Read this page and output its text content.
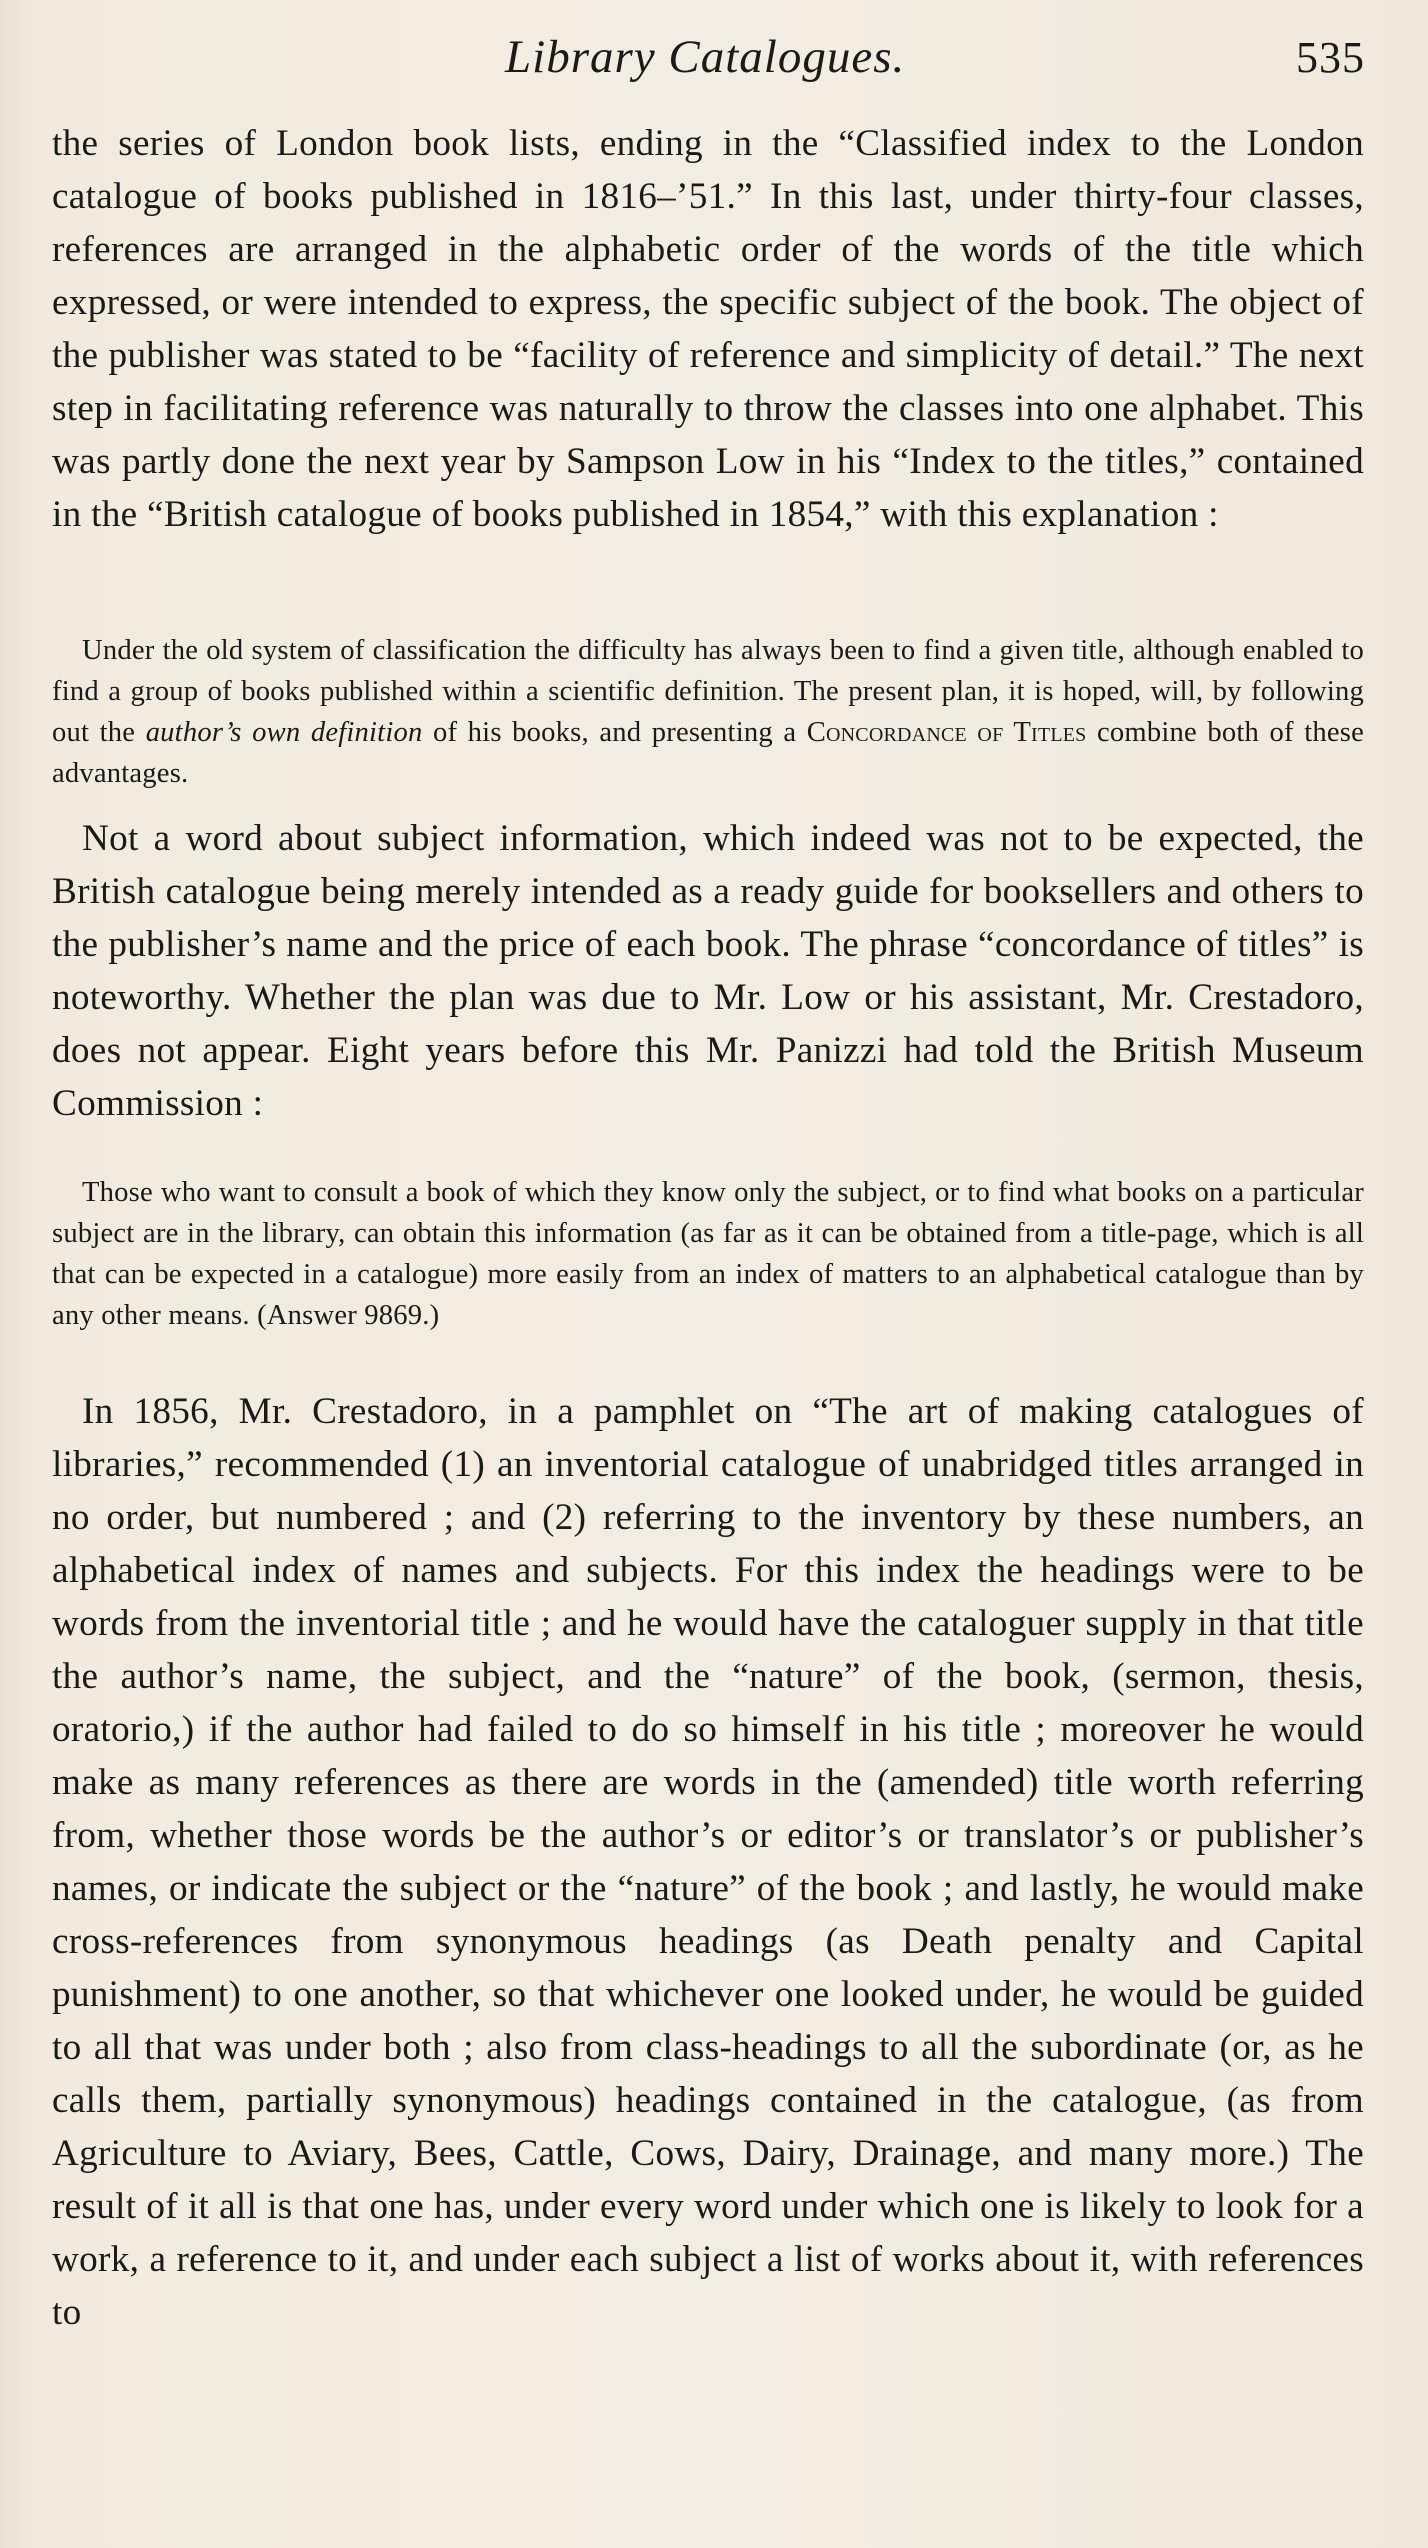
Library Catalogues.	535

the series of London book lists, ending in the “Classified index to the London catalogue of books published in 1816–’51.” In this last, under thirty-four classes, references are arranged in the alphabetic order of the words of the title which expressed, or were intended to express, the specific subject of the book. The object of the publisher was stated to be “facility of reference and simplicity of detail.” The next step in facilitating reference was naturally to throw the classes into one alphabet. This was partly done the next year by Sampson Low in his “Index to the titles,” contained in the “British catalogue of books published in 1854,” with this explanation :

Under the old system of classification the difficulty has always been to find a given title, although enabled to find a group of books published within a scientific definition. The present plan, it is hoped, will, by following out the author’s own definition of his books, and presenting a Concordance of Titles combine both of these advantages.

Not a word about subject information, which indeed was not to be expected, the British catalogue being merely intended as a ready guide for booksellers and others to the publisher’s name and the price of each book. The phrase “concordance of titles” is noteworthy. Whether the plan was due to Mr. Low or his assistant, Mr. Crestadoro, does not appear. Eight years before this Mr. Panizzi had told the British Museum Commission :

Those who want to consult a book of which they know only the subject, or to find what books on a particular subject are in the library, can obtain this information (as far as it can be obtained from a title-page, which is all that can be expected in a catalogue) more easily from an index of matters to an alphabetical catalogue than by any other means. (Answer 9869.)

In 1856, Mr. Crestadoro, in a pamphlet on “The art of making catalogues of libraries,” recommended (1) an inventorial catalogue of unabridged titles arranged in no order, but numbered ; and (2) referring to the inventory by these numbers, an alphabetical index of names and subjects. For this index the headings were to be words from the inventorial title ; and he would have the cataloguer supply in that title the author’s name, the subject, and the “nature” of the book, (sermon, thesis, oratorio,) if the author had failed to do so himself in his title ; moreover he would make as many references as there are words in the (amended) title worth referring from, whether those words be the author’s or editor’s or translator’s or publisher’s names, or indicate the subject or the “nature” of the book ; and lastly, he would make cross-references from synonymous headings (as Death penalty and Capital punishment) to one another, so that whichever one looked under, he would be guided to all that was under both ; also from class-headings to all the subordinate (or, as he calls them, partially synonymous) headings contained in the catalogue, (as from Agriculture to Aviary, Bees, Cattle, Cows, Dairy, Drainage, and many more.) The result of it all is that one has, under every word under which one is likely to look for a work, a reference to it, and under each subject a list of works about it, with references to
